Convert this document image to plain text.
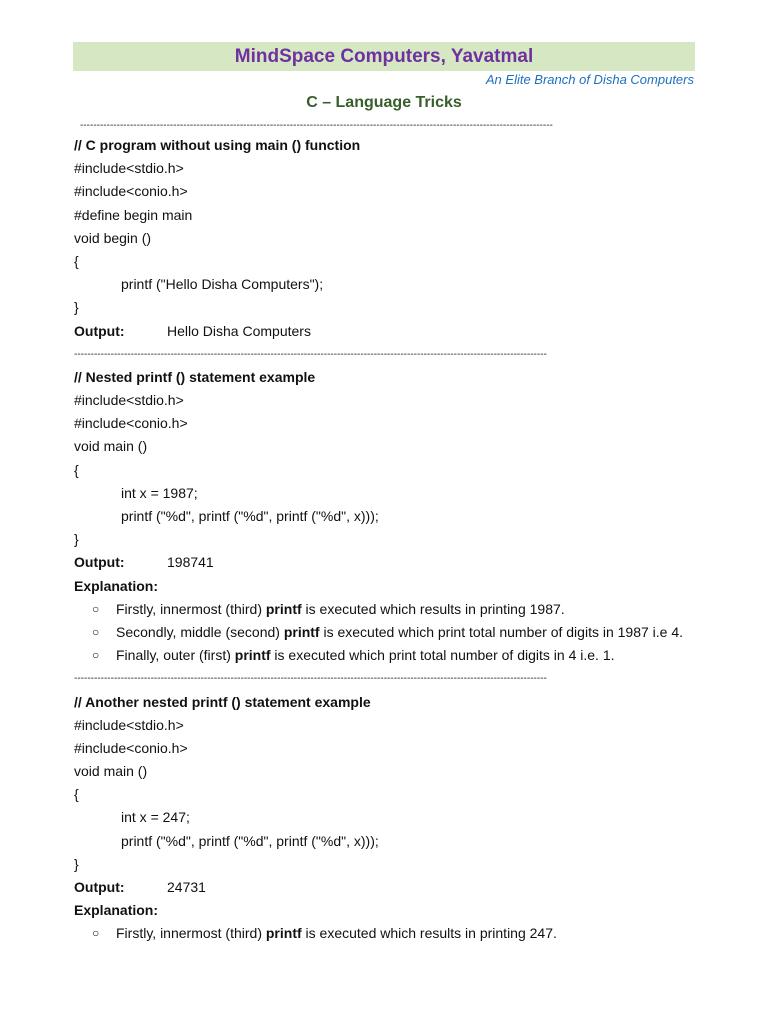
MindSpace Computers, Yavatmal
An Elite Branch of Disha Computers
C – Language Tricks
----------------------------------------------------------------------------------------------------------------------------------------------
// C program without using main () function
#include<stdio.h>
#include<conio.h>
#define begin main
void begin ()
{
printf ("Hello Disha Computers");
}
Output:	Hello Disha Computers
----------------------------------------------------------------------------------------------------------------------------------------------
// Nested printf () statement example
#include<stdio.h>
#include<conio.h>
void main ()
{
int x = 1987;
printf ("%d", printf ("%d", printf ("%d", x)));
}
Output:	198741
Explanation:
○	Firstly, innermost (third) printf is executed which results in printing 1987.
○	Secondly, middle (second) printf is executed which print total number of digits in 1987 i.e 4.
○	Finally, outer (first) printf is executed which print total number of digits in 4 i.e. 1.
----------------------------------------------------------------------------------------------------------------------------------------------
// Another nested printf () statement example
#include<stdio.h>
#include<conio.h>
void main ()
{
int x = 247;
printf ("%d", printf ("%d", printf ("%d", x)));
}
Output:	24731
Explanation:
○	Firstly, innermost (third) printf is executed which results in printing 247.
